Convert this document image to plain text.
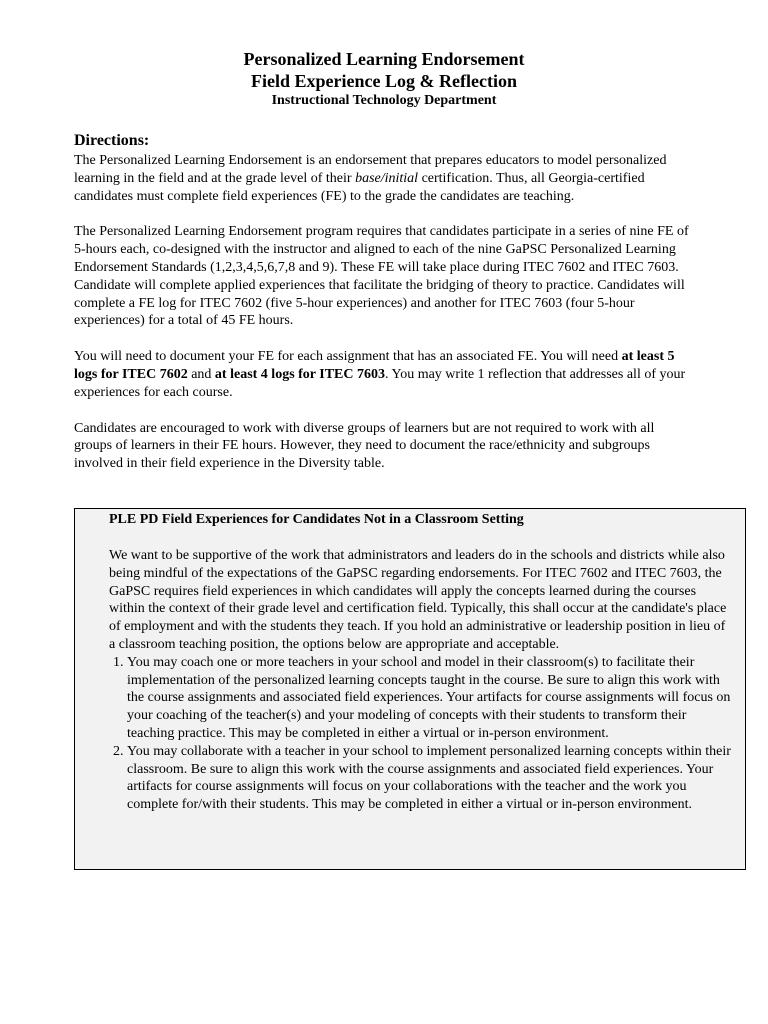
Personalized Learning Endorsement

Field Experience Log & Reflection

Instructional Technology Department

Directions:

The Personalized Learning Endorsement is an endorsement that prepares educators to model personalized learning in the field and at the grade level of their base/initial certification. Thus, all Georgia-certified candidates must complete field experiences (FE) to the grade the candidates are teaching.

The Personalized Learning Endorsement program requires that candidates participate in a series of nine FE of 5-hours each, co-designed with the instructor and aligned to each of the nine GaPSC Personalized Learning Endorsement Standards (1,2,3,4,5,6,7,8 and 9). These FE will take place during ITEC 7602 and ITEC 7603. Candidate will complete applied experiences that facilitate the bridging of theory to practice. Candidates will complete a FE log for ITEC 7602 (five 5-hour experiences) and another for ITEC 7603 (four 5-hour experiences) for a total of 45 FE hours.

You will need to document your FE for each assignment that has an associated FE. You will need at least 5 logs for ITEC 7602 and at least 4 logs for ITEC 7603. You may write 1 reflection that addresses all of your experiences for each course.

Candidates are encouraged to work with diverse groups of learners but are not required to work with all groups of learners in their FE hours. However, they need to document the race/ethnicity and subgroups involved in their field experience in the Diversity table.

PLE PD Field Experiences for Candidates Not in a Classroom Setting

We want to be supportive of the work that administrators and leaders do in the schools and districts while also being mindful of the expectations of the GaPSC regarding endorsements. For ITEC 7602 and ITEC 7603, the GaPSC requires field experiences in which candidates will apply the concepts learned during the courses within the context of their grade level and certification field. Typically, this shall occur at the candidate's place of employment and with the students they teach. If you hold an administrative or leadership position in lieu of a classroom teaching position, the options below are appropriate and acceptable.

1. You may coach one or more teachers in your school and model in their classroom(s) to facilitate their implementation of the personalized learning concepts taught in the course. Be sure to align this work with the course assignments and associated field experiences. Your artifacts for course assignments will focus on your coaching of the teacher(s) and your modeling of concepts with their students to transform their teaching practice. This may be completed in either a virtual or in-person environment.
2. You may collaborate with a teacher in your school to implement personalized learning concepts within their classroom. Be sure to align this work with the course assignments and associated field experiences. Your artifacts for course assignments will focus on your collaborations with the teacher and the work you complete for/with their students. This may be completed in either a virtual or in-person environment.
